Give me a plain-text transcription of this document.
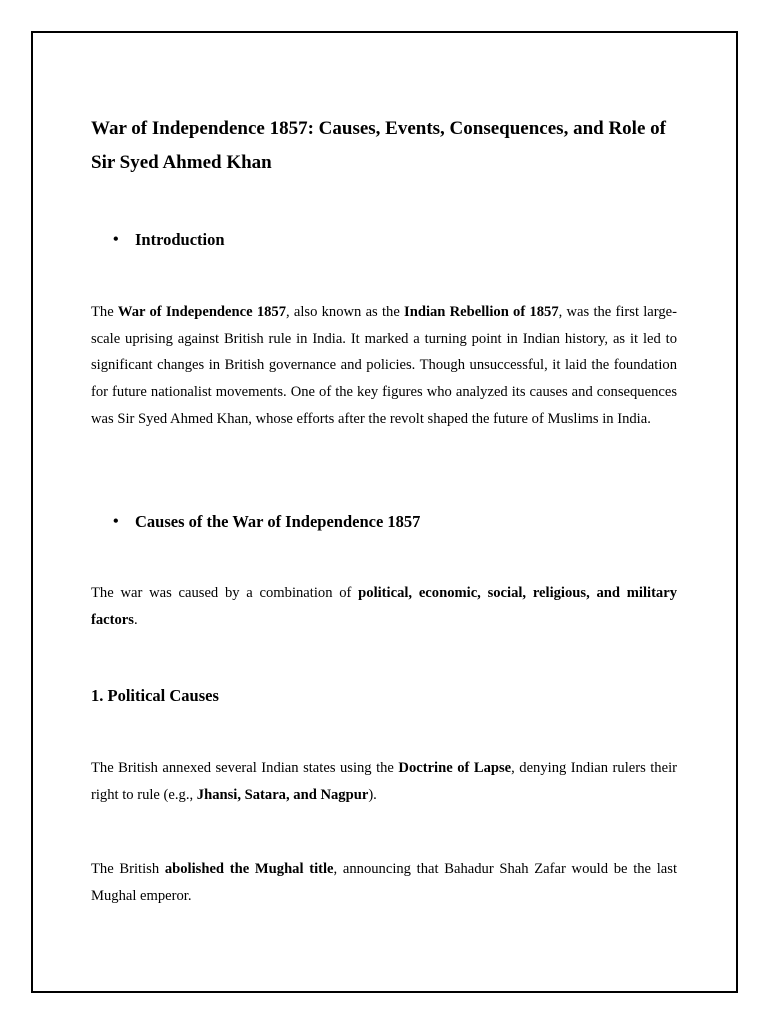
War of Independence 1857: Causes, Events, Consequences, and Role of Sir Syed Ahmed Khan
• Introduction

The War of Independence 1857, also known as the Indian Rebellion of 1857, was the first large-scale uprising against British rule in India. It marked a turning point in Indian history, as it led to significant changes in British governance and policies. Though unsuccessful, it laid the foundation for future nationalist movements. One of the key figures who analyzed its causes and consequences was Sir Syed Ahmed Khan, whose efforts after the revolt shaped the future of Muslims in India.

• Causes of the War of Independence 1857

The war was caused by a combination of political, economic, social, religious, and military factors.

1. Political Causes

The British annexed several Indian states using the Doctrine of Lapse, denying Indian rulers their right to rule (e.g., Jhansi, Satara, and Nagpur).

The British abolished the Mughal title, announcing that Bahadur Shah Zafar would be the last Mughal emperor.
